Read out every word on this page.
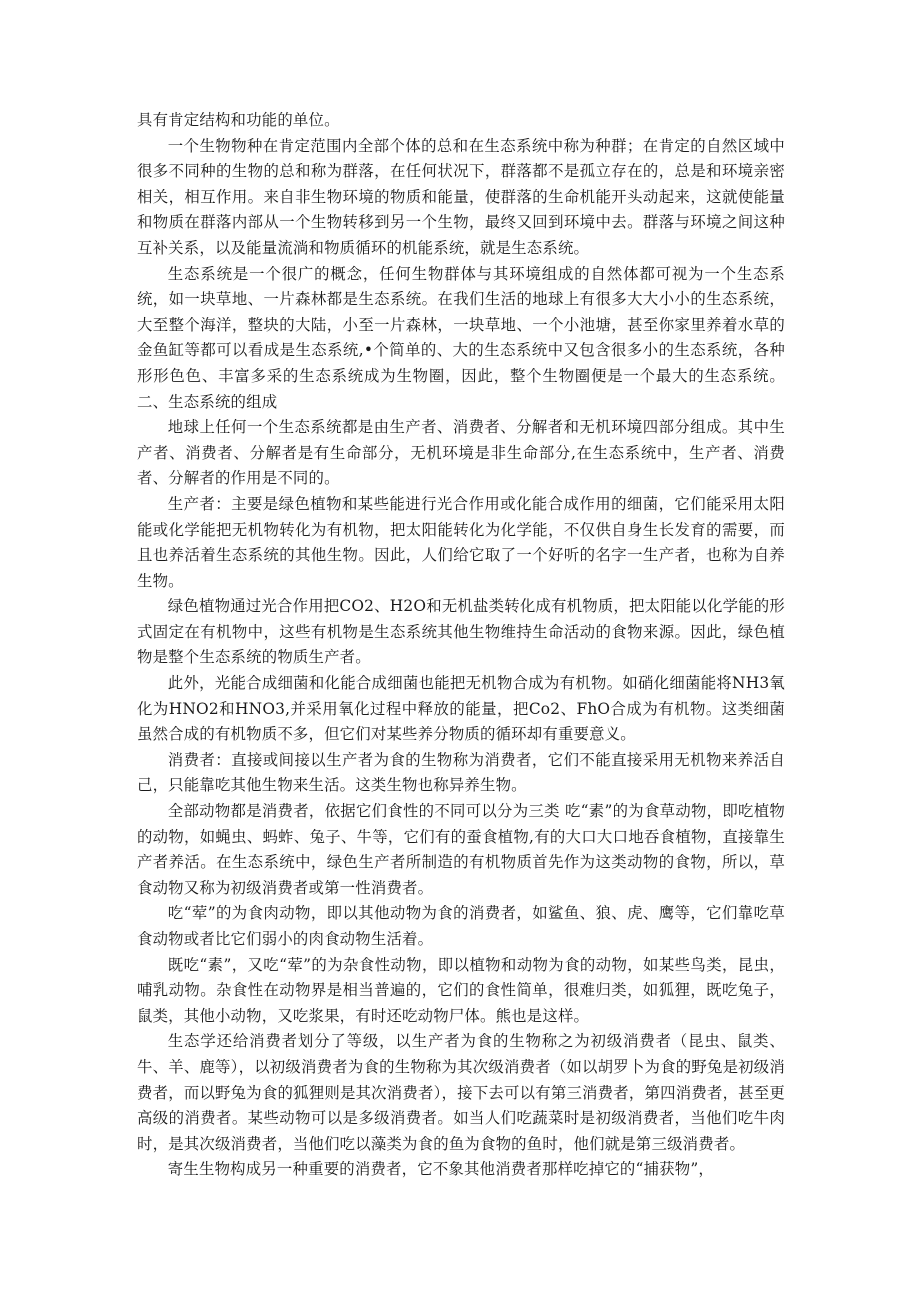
具有肯定结构和功能的单位。

一个生物物种在肯定范围内全部个体的总和在生态系统中称为种群；在肯定的自然区域中很多不同种的生物的总和称为群落，在任何状况下，群落都不是孤立存在的，总是和环境亲密相关，相互作用。来自非生物环境的物质和能量，使群落的生命机能开头动起来，这就使能量和物质在群落内部从一个生物转移到另一个生物，最终又回到环境中去。群落与环境之间这种互补关系，以及能量流淌和物质循环的机能系统，就是生态系统。

生态系统是一个很广的概念，任何生物群体与其环境组成的自然体都可视为一个生态系统，如一块草地、一片森林都是生态系统。在我们生活的地球上有很多大大小小的生态系统，大至整个海洋，整块的大陆，小至一片森林，一块草地、一个小池塘，甚至你家里养着水草的金鱼缸等都可以看成是生态系统,•个简单的、大的生态系统中又包含很多小的生态系统，各种形形色色、丰富多采的生态系统成为生物圈，因此，整个生物圈便是一个最大的生态系统。二、生态系统的组成

地球上任何一个生态系统都是由生产者、消费者、分解者和无机环境四部分组成。其中生产者、消费者、分解者是有生命部分，无机环境是非生命部分,在生态系统中，生产者、消费者、分解者的作用是不同的。

生产者：主要是绿色植物和某些能进行光合作用或化能合成作用的细菌，它们能采用太阳能或化学能把无机物转化为有机物，把太阳能转化为化学能，不仅供自身生长发育的需要，而且也养活着生态系统的其他生物。因此，人们给它取了一个好听的名字一生产者，也称为自养生物。

绿色植物通过光合作用把CO2、H2O和无机盐类转化成有机物质，把太阳能以化学能的形式固定在有机物中，这些有机物是生态系统其他生物维持生命活动的食物来源。因此，绿色植物是整个生态系统的物质生产者。

此外，光能合成细菌和化能合成细菌也能把无机物合成为有机物。如硝化细菌能将NH3氧化为HNO2和HNO3,并采用氧化过程中释放的能量，把Co2、FhO合成为有机物。这类细菌虽然合成的有机物质不多，但它们对某些养分物质的循环却有重要意义。

消费者：直接或间接以生产者为食的生物称为消费者，它们不能直接采用无机物来养活自己，只能靠吃其他生物来生活。这类生物也称异养生物。

全部动物都是消费者，依据它们食性的不同可以分为三类 吃“素”的为食草动物，即吃植物的动物，如蝇虫、蚂蚱、兔子、牛等，它们有的蚕食植物,有的大口大口地吞食植物，直接靠生产者养活。在生态系统中，绿色生产者所制造的有机物质首先作为这类动物的食物，所以，草食动物又称为初级消费者或第一性消费者。

吃“荤”的为食肉动物，即以其他动物为食的消费者，如鲨鱼、狼、虎、鹰等，它们靠吃草食动物或者比它们弱小的肉食动物生活着。

既吃“素”，又吃“荤”的为杂食性动物，即以植物和动物为食的动物，如某些鸟类，昆虫，哺乳动物。杂食性在动物界是相当普遍的，它们的食性简单，很难归类，如狐狸，既吃兔子，鼠类，其他小动物，又吃浆果，有时还吃动物尸体。熊也是这样。

生态学还给消费者划分了等级，以生产者为食的生物称之为初级消费者（昆虫、鼠类、牛、羊、鹿等），以初级消费者为食的生物称为其次级消费者（如以胡罗卜为食的野兔是初级消费者，而以野兔为食的狐狸则是其次消费者），接下去可以有第三消费者，第四消费者，甚至更高级的消费者。某些动物可以是多级消费者。如当人们吃蔬菜时是初级消费者，当他们吃牛肉时，是其次级消费者，当他们吃以藻类为食的鱼为食物的鱼时，他们就是第三级消费者。

寄生生物构成另一种重要的消费者，它不象其他消费者那样吃掉它的“捕获物”，
